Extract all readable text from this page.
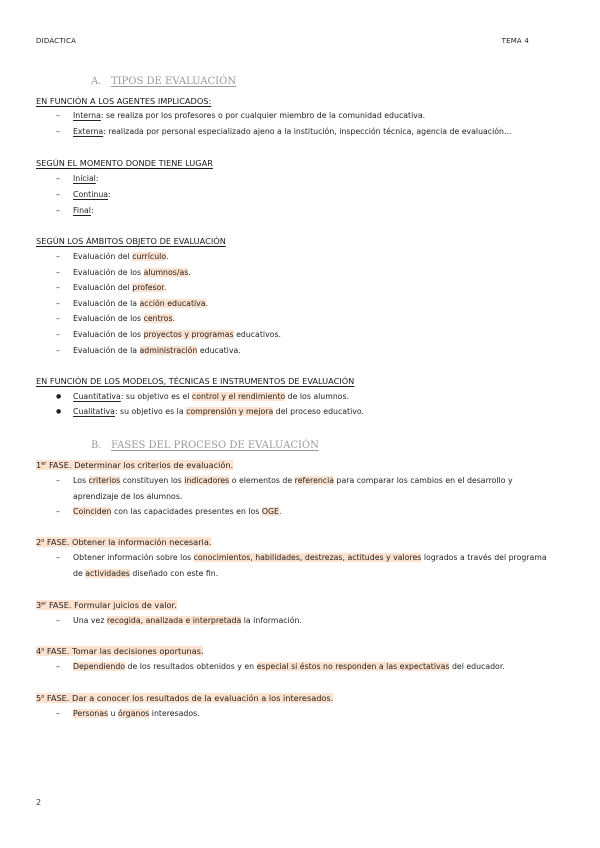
DIDÁCTICA	TEMA 4
A. TIPOS DE EVALUACIÓN
EN FUNCIÓN A LOS AGENTES IMPLICADOS:
– Interna: se realiza por los profesores o por cualquier miembro de la comunidad educativa.
– Externa: realizada por personal especializado ajeno a la institución, inspección técnica, agencia de evaluación...
SEGÚN EL MOMENTO DONDE TIENE LUGAR
– Inicial:
– Continua:
– Final:
SEGÚN LOS ÁMBITOS OBJETO DE EVALUACIÓN
– Evaluación del currículo.
– Evaluación de los alumnos/as.
– Evaluación del profesor.
– Evaluación de la acción educativa.
– Evaluación de los centros.
– Evaluación de los proyectos y programas educativos.
– Evaluación de la administración educativa.
EN FUNCIÓN DE LOS MODELOS, TÉCNICAS E INSTRUMENTOS DE EVALUACIÓN
● Cuantitativa: su objetivo es el control y el rendimiento de los alumnos.
● Cualitativa: su objetivo es la comprensión y mejora del proceso educativo.
B. FASES DEL PROCESO DE EVALUACIÓN
1er FASE. Determinar los criterios de evaluación.
– Los criterios constituyen los indicadores o elementos de referencia para comparar los cambios en el desarrollo y
aprendizaje de los alumnos.
– Coinciden con las capacidades presentes en los OGE.
2$^o$ FASE. Obtener la información necesaria.
– Obtener información sobre los conocimientos, habilidades, destrezas, actitudes y valores logrados a través del programa
de actividades diseñado con este fin.
3er FASE. Formular juicios de valor.
– Una vez recogida, analizada e interpretada la información.
4$^o$ FASE. Tomar las decisiones oportunas.
– Dependiendo de los resultados obtenidos y en especial si éstos no responden a las expectativas del educador.
5$^o$ FASE. Dar a conocer los resultados de la evaluación a los interesados.
– Personas u órganos interesados.
2
